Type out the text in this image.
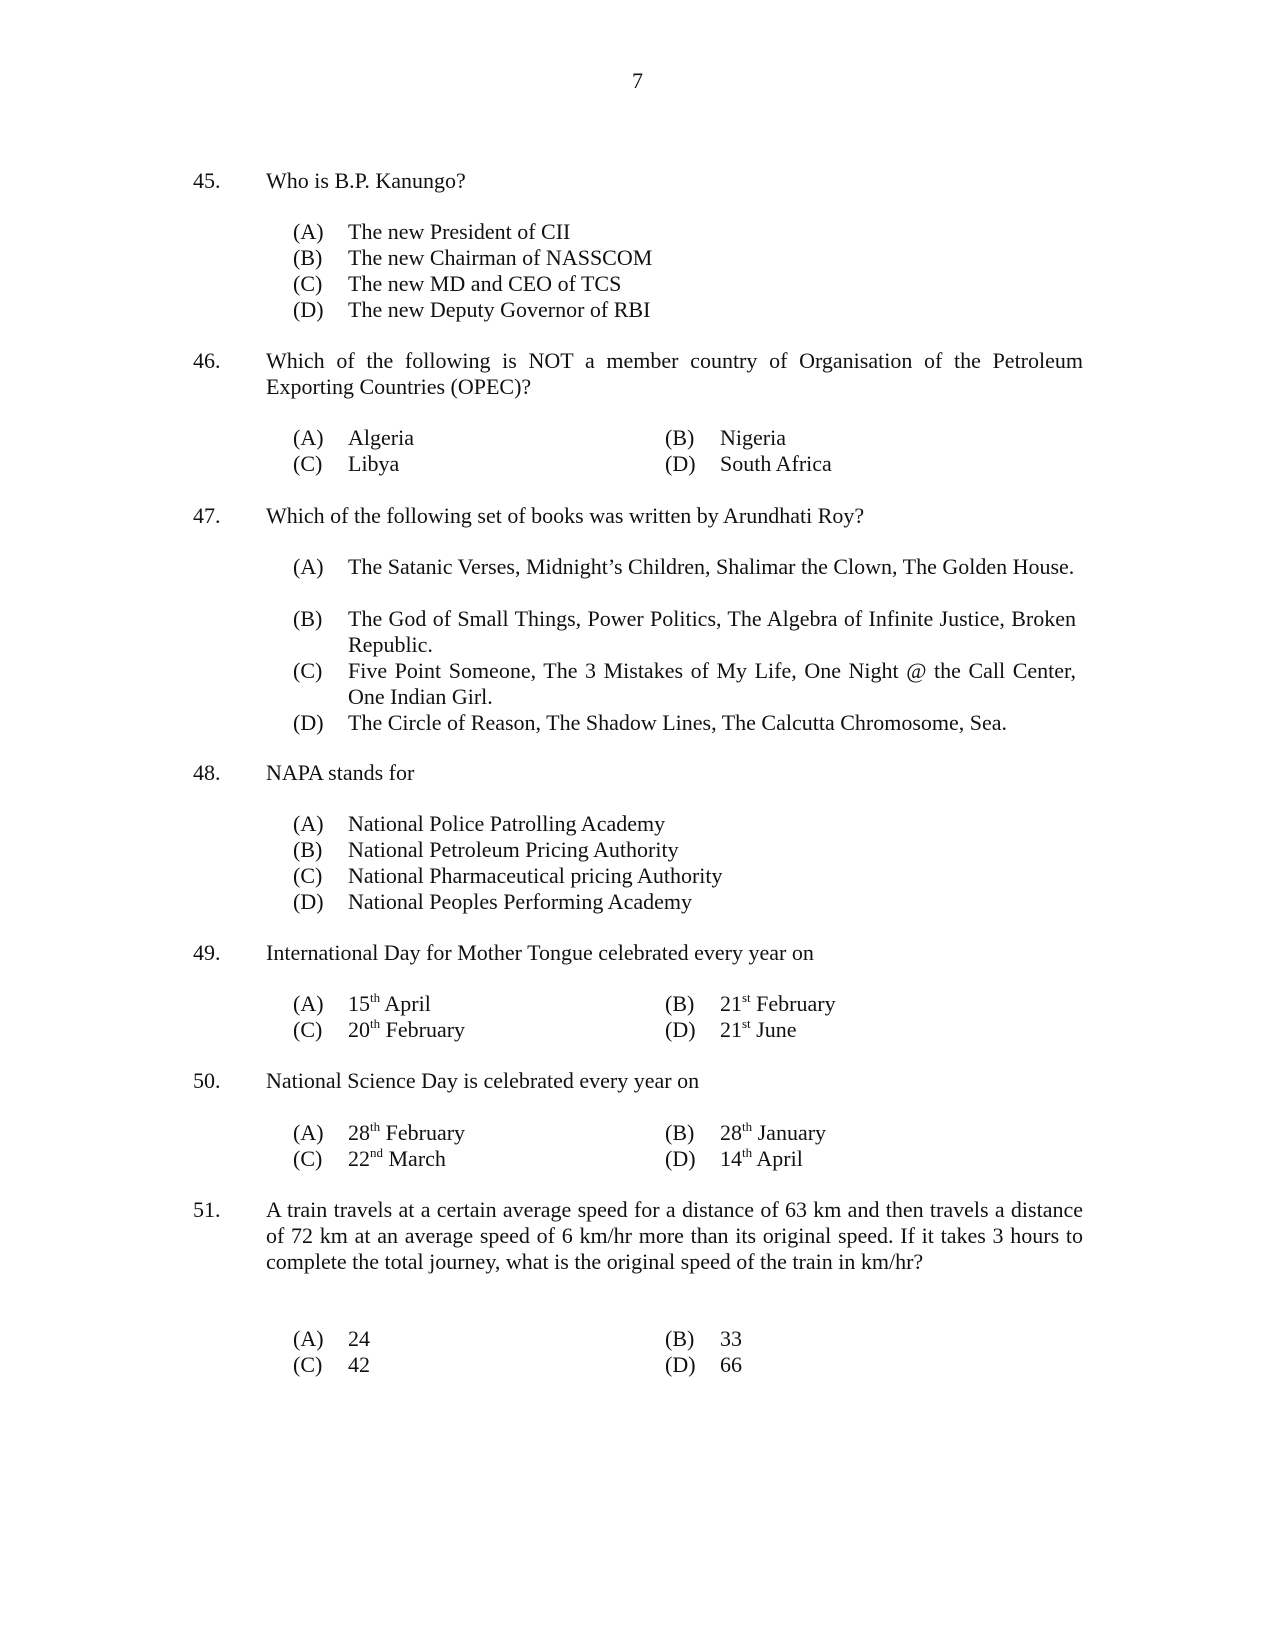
7
45. Who is B.P. Kanungo?
(A) The new President of CII
(B) The new Chairman of NASSCOM
(C) The new MD and CEO of TCS
(D) The new Deputy Governor of RBI
46. Which of the following is NOT a member country of Organisation of the Petroleum Exporting Countries (OPEC)?
(A) Algeria	(B) Nigeria
(C) Libya	(D) South Africa
47. Which of the following set of books was written by Arundhati Roy?
(A) The Satanic Verses, Midnight’s Children, Shalimar the Clown, The Golden House.
(B) The God of Small Things, Power Politics, The Algebra of Infinite Justice, Broken Republic.
(C) Five Point Someone, The 3 Mistakes of My Life, One Night @ the Call Center, One Indian Girl.
(D) The Circle of Reason, The Shadow Lines, The Calcutta Chromosome, Sea.
48. NAPA stands for
(A) National Police Patrolling Academy
(B) National Petroleum Pricing Authority
(C) National Pharmaceutical pricing Authority
(D) National Peoples Performing Academy
49. International Day for Mother Tongue celebrated every year on
(A) 15th April	(B) 21st February
(C) 20th February	(D) 21st June
50. National Science Day is celebrated every year on
(A) 28th February	(B) 28th January
(C) 22nd March	(D) 14th April
51. A train travels at a certain average speed for a distance of 63 km and then travels a distance of 72 km at an average speed of 6 km/hr more than its original speed. If it takes 3 hours to complete the total journey, what is the original speed of the train in km/hr?
(A) 24	(B) 33
(C) 42	(D) 66
